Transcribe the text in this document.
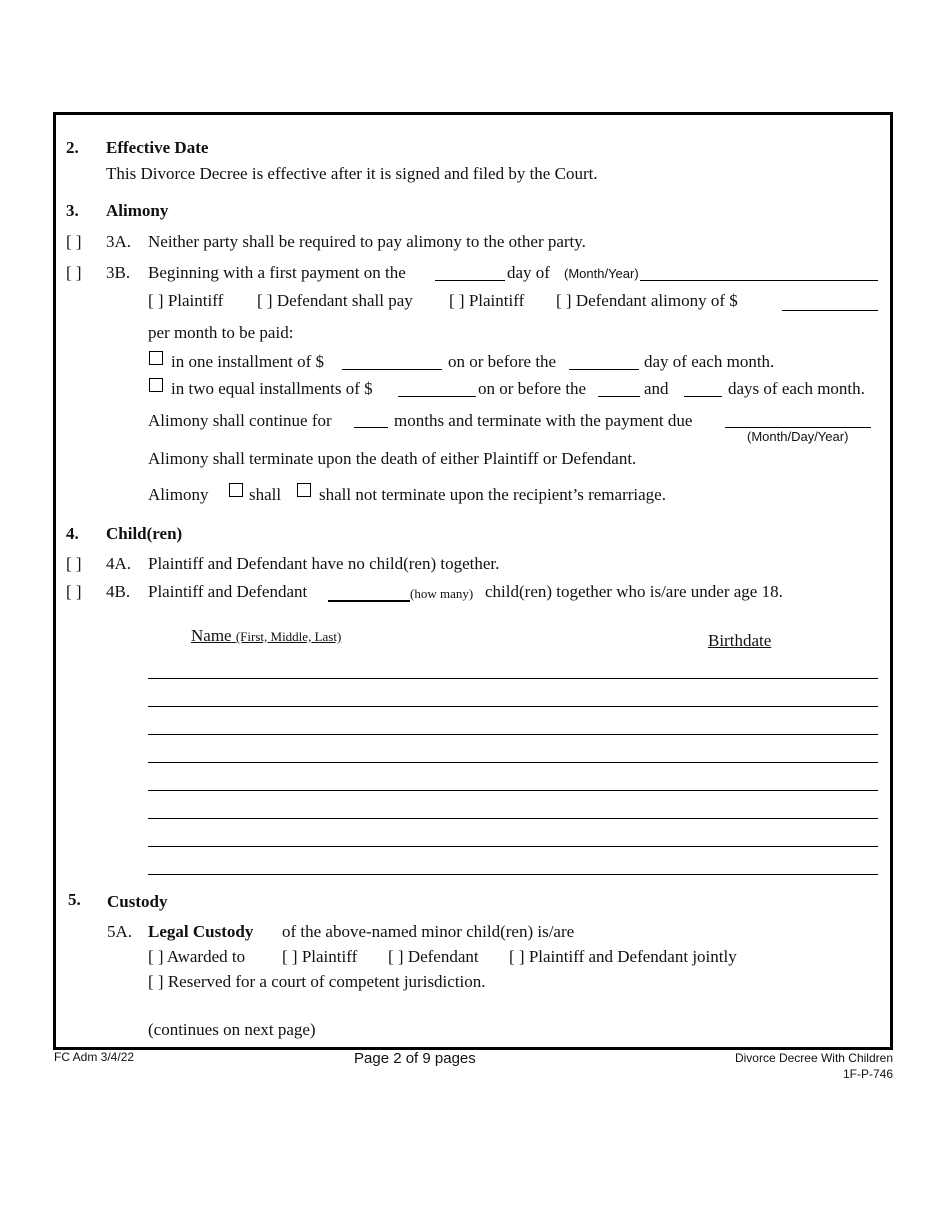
2. Effective Date
This Divorce Decree is effective after it is signed and filed by the Court.
3. Alimony
[ ] 3A. Neither party shall be required to pay alimony to the other party.
[ ] 3B. Beginning with a first payment on the	day of (Month/Year)
[ ] Plaintiff [ ] Defendant shall pay [ ] Plaintiff [ ] Defendant alimony of $
per month to be paid:
in one installment of $	on or before the	day of each month.
in two equal installments of $	on or before the	and	days of each month.
Alimony shall continue for	months and terminate with the payment due
(Month/Day/Year)
Alimony shall terminate upon the death of either Plaintiff or Defendant.
Alimony shall shall not terminate upon the recipient’s remarriage.
4. Child(ren)
[ ] 4A. Plaintiff and Defendant have no child(ren) together.
[ ] 4B. Plaintiff and Defendant	(how many) child(ren) together who is/are under age 18.
Name (First, Middle, Last)	Birthdate
5. Custody
5A. Legal Custody of the above-named minor child(ren) is/are
[ ] Awarded to [ ] Plaintiff [ ] Defendant [ ] Plaintiff and Defendant jointly
[ ] Reserved for a court of competent jurisdiction.
(continues on next page)
FC Adm 3/4/22	Page 2 of 9 pages	Divorce Decree With Children
1F-P-746
